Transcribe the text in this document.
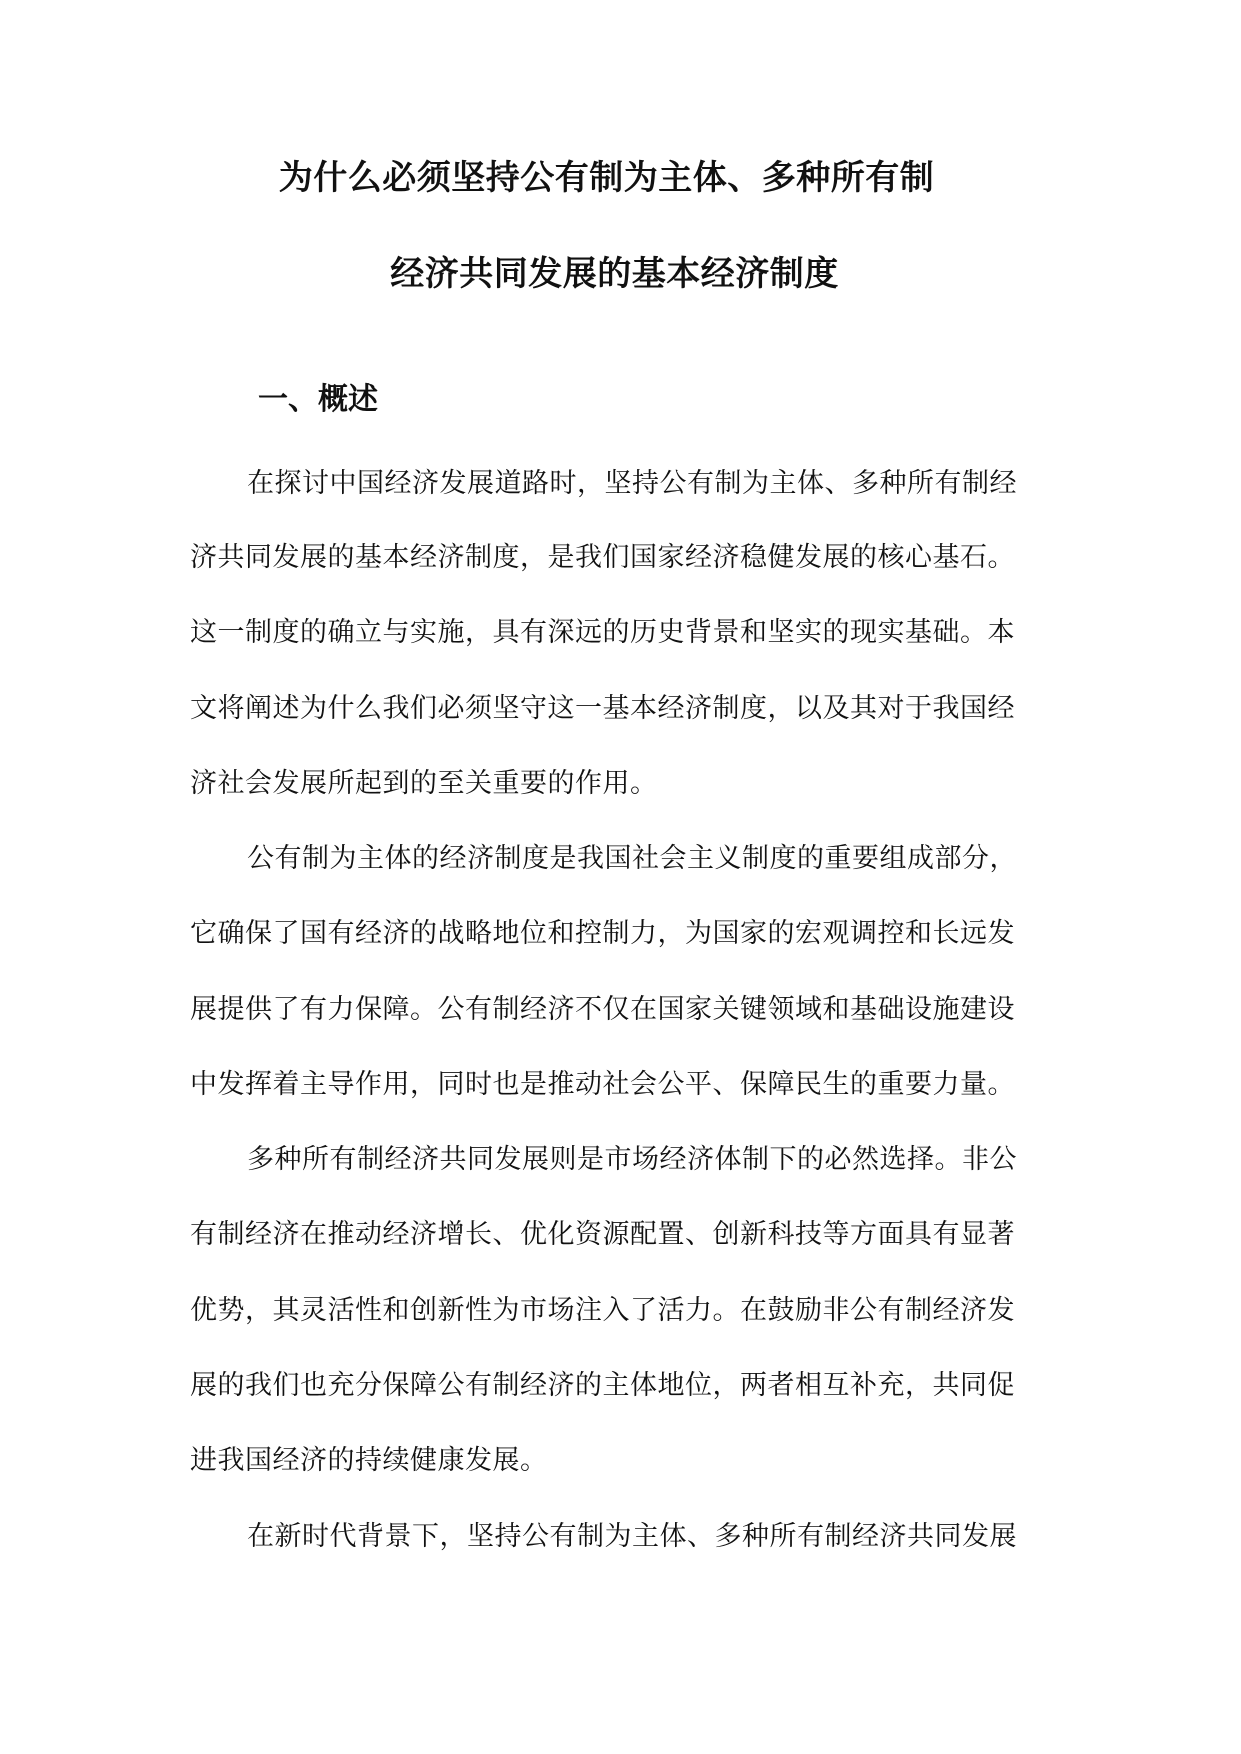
为什么必须坚持公有制为主体、多种所有制
经济共同发展的基本经济制度
一、概述
在探讨中国经济发展道路时，坚持公有制为主体、多种所有制经
济共同发展的基本经济制度，是我们国家经济稳健发展的核心基石。
这一制度的确立与实施，具有深远的历史背景和坚实的现实基础。本
文将阐述为什么我们必须坚守这一基本经济制度，以及其对于我国经
济社会发展所起到的至关重要的作用。
公有制为主体的经济制度是我国社会主义制度的重要组成部分，
它确保了国有经济的战略地位和控制力，为国家的宏观调控和长远发
展提供了有力保障。公有制经济不仅在国家关键领域和基础设施建设
中发挥着主导作用，同时也是推动社会公平、保障民生的重要力量。
多种所有制经济共同发展则是市场经济体制下的必然选择。非公
有制经济在推动经济增长、优化资源配置、创新科技等方面具有显著
优势，其灵活性和创新性为市场注入了活力。在鼓励非公有制经济发
展的我们也充分保障公有制经济的主体地位，两者相互补充，共同促
进我国经济的持续健康发展。
在新时代背景下，坚持公有制为主体、多种所有制经济共同发展
